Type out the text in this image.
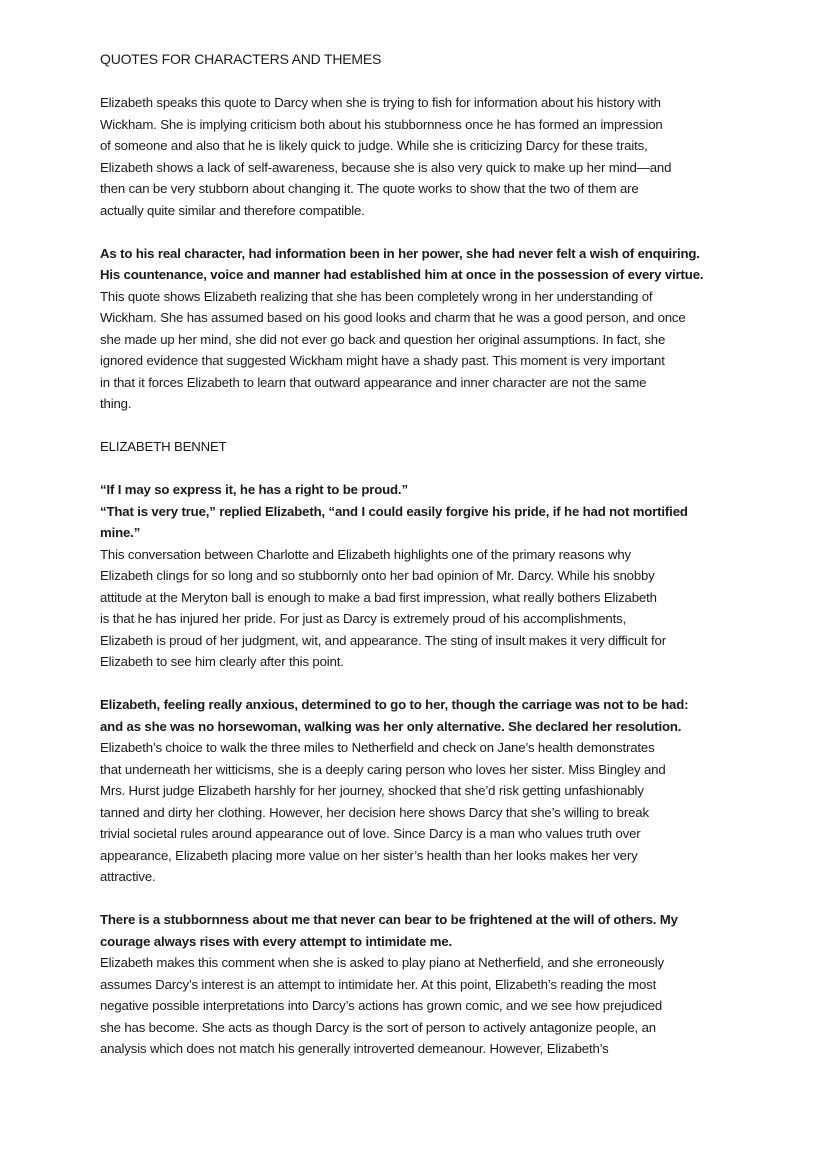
QUOTES FOR CHARACTERS AND THEMES
Elizabeth speaks this quote to Darcy when she is trying to fish for information about his history with
Wickham. She is implying criticism both about his stubbornness once he has formed an impression
of someone and also that he is likely quick to judge. While she is criticizing Darcy for these traits,
Elizabeth shows a lack of self-awareness, because she is also very quick to make up her mind—and
then can be very stubborn about changing it. The quote works to show that the two of them are
actually quite similar and therefore compatible.
As to his real character, had information been in her power, she had never felt a wish of enquiring.
His countenance, voice and manner had established him at once in the possession of every virtue.
This quote shows Elizabeth realizing that she has been completely wrong in her understanding of
Wickham. She has assumed based on his good looks and charm that he was a good person, and once
she made up her mind, she did not ever go back and question her original assumptions. In fact, she
ignored evidence that suggested Wickham might have a shady past. This moment is very important
in that it forces Elizabeth to learn that outward appearance and inner character are not the same
thing.
ELIZABETH BENNET
“If I may so express it, he has a right to be proud.”
“That is very true,” replied Elizabeth, “and I could easily forgive his pride, if he had not mortified
mine.”
This conversation between Charlotte and Elizabeth highlights one of the primary reasons why
Elizabeth clings for so long and so stubbornly onto her bad opinion of Mr. Darcy. While his snobby
attitude at the Meryton ball is enough to make a bad first impression, what really bothers Elizabeth
is that he has injured her pride. For just as Darcy is extremely proud of his accomplishments,
Elizabeth is proud of her judgment, wit, and appearance. The sting of insult makes it very difficult for
Elizabeth to see him clearly after this point.
Elizabeth, feeling really anxious, determined to go to her, though the carriage was not to be had:
and as she was no horsewoman, walking was her only alternative. She declared her resolution.
Elizabeth’s choice to walk the three miles to Netherfield and check on Jane’s health demonstrates
that underneath her witticisms, she is a deeply caring person who loves her sister. Miss Bingley and
Mrs. Hurst judge Elizabeth harshly for her journey, shocked that she’d risk getting unfashionably
tanned and dirty her clothing. However, her decision here shows Darcy that she’s willing to break
trivial societal rules around appearance out of love. Since Darcy is a man who values truth over
appearance, Elizabeth placing more value on her sister’s health than her looks makes her very
attractive.
There is a stubbornness about me that never can bear to be frightened at the will of others. My
courage always rises with every attempt to intimidate me.
Elizabeth makes this comment when she is asked to play piano at Netherfield, and she erroneously
assumes Darcy’s interest is an attempt to intimidate her. At this point, Elizabeth’s reading the most
negative possible interpretations into Darcy’s actions has grown comic, and we see how prejudiced
she has become. She acts as though Darcy is the sort of person to actively antagonize people, an
analysis which does not match his generally introverted demeanour. However, Elizabeth’s
